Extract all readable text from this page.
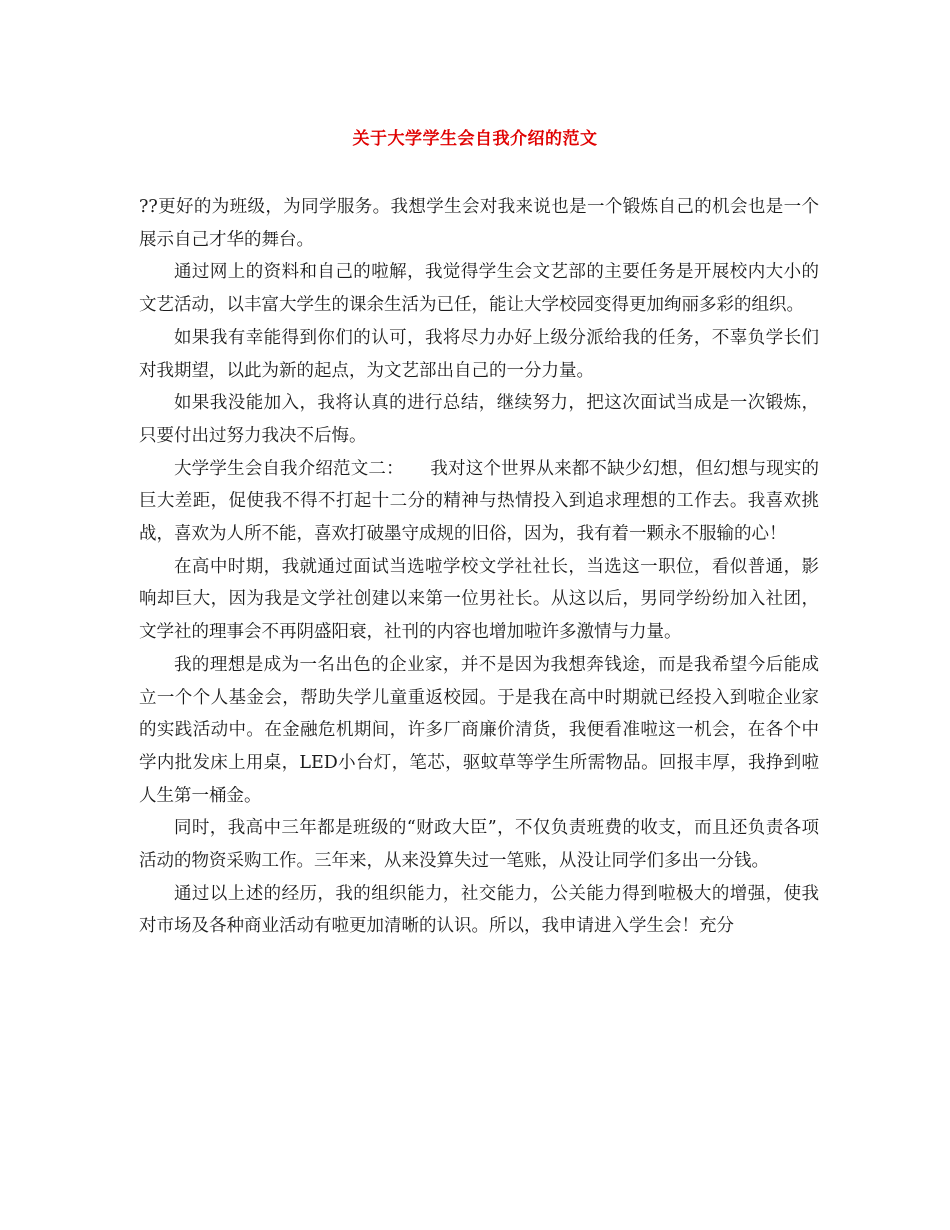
关于大学学生会自我介绍的范文

??更好的为班级，为同学服务。我想学生会对我来说也是一个锻炼自己的机会也是一个展示自己才华的舞台。

通过网上的资料和自己的啦解，我觉得学生会文艺部的主要任务是开展校内大小的文艺活动，以丰富大学生的课余生活为已任，能让大学校园变得更加绚丽多彩的组织。

如果我有幸能得到你们的认可，我将尽力办好上级分派给我的任务，不辜负学长们对我期望，以此为新的起点，为文艺部出自己的一分力量。

如果我没能加入，我将认真的进行总结，继续努力，把这次面试当成是一次锻炼，只要付出过努力我决不后悔。

大学学生会自我介绍范文二：　　我对这个世界从来都不缺少幻想，但幻想与现实的巨大差距，促使我不得不打起十二分的精神与热情投入到追求理想的工作去。我喜欢挑战，喜欢为人所不能，喜欢打破墨守成规的旧俗，因为，我有着一颗永不服输的心！

在高中时期，我就通过面试当选啦学校文学社社长，当选这一职位，看似普通，影响却巨大，因为我是文学社创建以来第一位男社长。从这以后，男同学纷纷加入社团，文学社的理事会不再阴盛阳衰，社刊的内容也增加啦许多激情与力量。

我的理想是成为一名出色的企业家，并不是因为我想奔钱途，而是我希望今后能成立一个个人基金会，帮助失学儿童重返校园。于是我在高中时期就已经投入到啦企业家的实践活动中。在金融危机期间，许多厂商廉价清货，我便看准啦这一机会，在各个中学内批发床上用桌，LED小台灯，笔芯，驱蚊草等学生所需物品。回报丰厚，我挣到啦人生第一桶金。

同时，我高中三年都是班级的“财政大臣”，不仅负责班费的收支，而且还负责各项活动的物资采购工作。三年来，从来没算失过一笔账，从没让同学们多出一分钱。

通过以上述的经历，我的组织能力，社交能力，公关能力得到啦极大的增强，使我对市场及各种商业活动有啦更加清晰的认识。所以，我申请进入学生会！充分
